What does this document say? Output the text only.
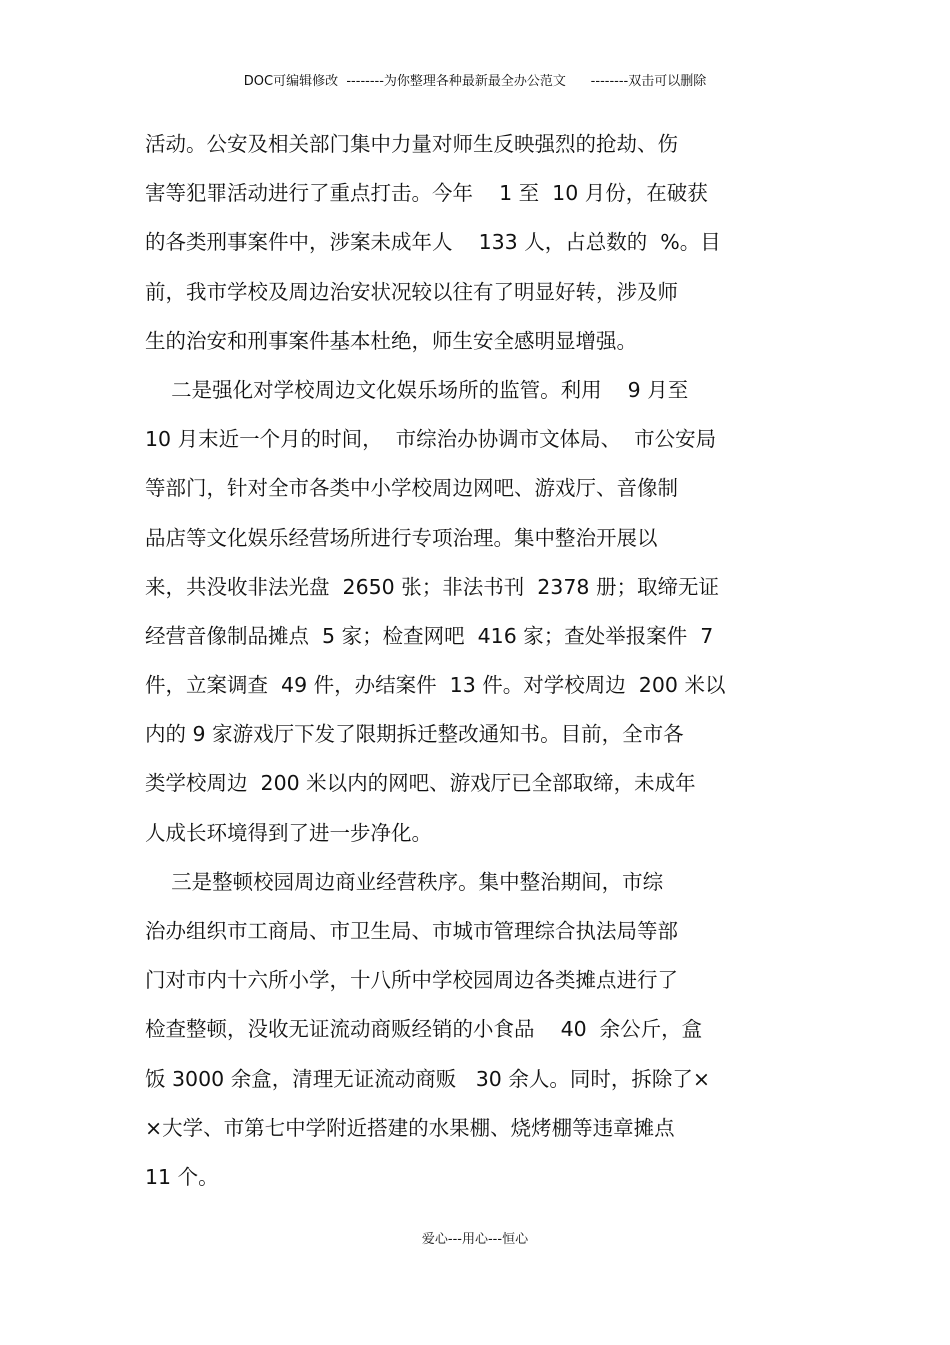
DOC可编辑修改  --------为你整理各种最新最全办公范文      --------双击可以删除
活动。公安及相关部门集中力量对师生反映强烈的抢劫、伤
害等犯罪活动进行了重点打击。今年    1 至  10 月份，在破获
的各类刑事案件中，涉案未成年人    133 人，占总数的  %。目
前，我市学校及周边治安状况较以往有了明显好转，涉及师
生的治安和刑事案件基本杜绝，师生安全感明显增强。
二是强化对学校周边文化娱乐场所的监管。利用    9 月至
10 月末近一个月的时间，  市综治办协调市文体局、  市公安局
等部门，针对全市各类中小学校周边网吧、游戏厅、音像制
品店等文化娱乐经营场所进行专项治理。集中整治开展以
来，共没收非法光盘  2650 张；非法书刊  2378 册；取缔无证
经营音像制品摊点  5 家；检查网吧  416 家；查处举报案件  7
件，立案调查  49 件，办结案件  13 件。对学校周边  200 米以
内的 9 家游戏厅下发了限期拆迁整改通知书。目前，全市各
类学校周边  200 米以内的网吧、游戏厅已全部取缔，未成年
人成长环境得到了进一步净化。
三是整顿校园周边商业经营秩序。集中整治期间，市综
治办组织市工商局、市卫生局、市城市管理综合执法局等部
门对市内十六所小学，十八所中学校园周边各类摊点进行了
检查整顿，没收无证流动商贩经销的小食品    40  余公斤，盒
饭 3000 余盒，清理无证流动商贩   30 余人。同时，拆除了×
×大学、市第七中学附近搭建的水果棚、烧烤棚等违章摊点
11 个。
爱心---用心---恒心
